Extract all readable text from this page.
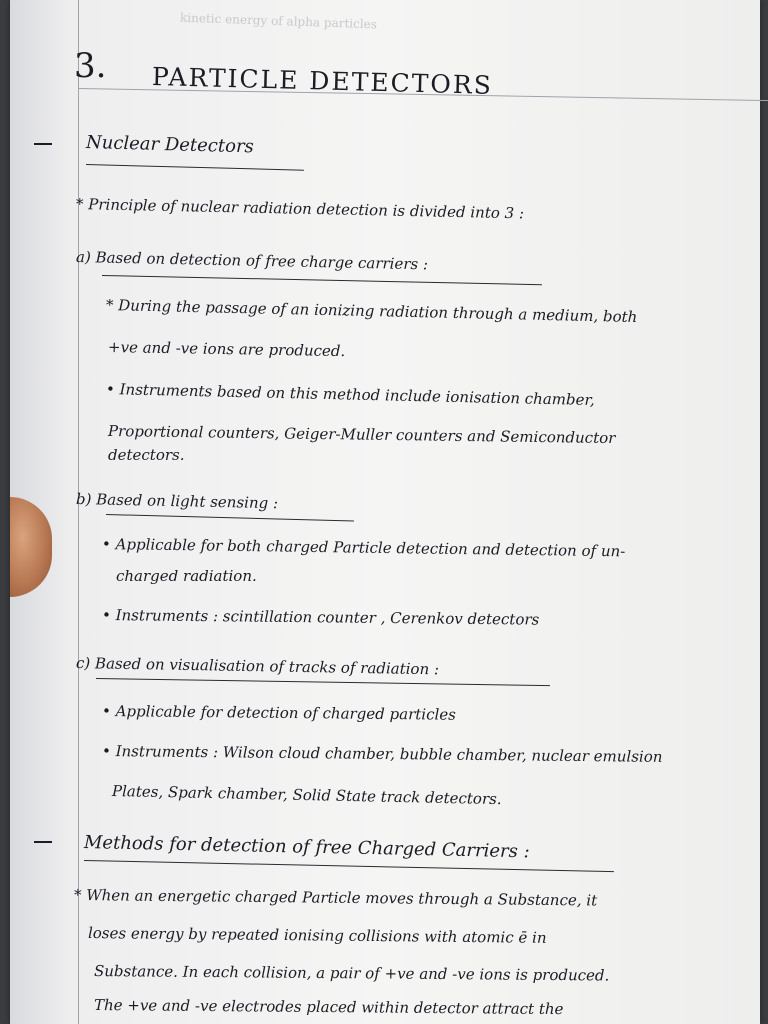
kinetic energy of alpha particles
3. PARTICLE DETECTORS
Nuclear Detectors
* Principle of nuclear radiation detection is divided into 3 :
a) Based on detection of free charge carriers :
* During the passage of an ionizing radiation through a medium, both
+ve and -ve ions are produced.
• Instruments based on this method include ionisation chamber,
Proportional counters, Geiger-Muller counters and Semiconductor
detectors.
b) Based on light sensing :
• Applicable for both charged Particle detection and detection of un-
charged radiation.
• Instruments : scintillation counter , Cerenkov detectors
c) Based on visualisation of tracks of radiation :
• Applicable for detection of charged particles
• Instruments : Wilson cloud chamber, bubble chamber, nuclear emulsion
Plates, Spark chamber, Solid State track detectors.
Methods for detection of free Charged Carriers :
* When an energetic charged Particle moves through a Substance, it
loses energy by repeated ionising collisions with atomic ē in
Substance. In each collision, a pair of +ve and -ve ions is produced.
The +ve and -ve electrodes placed within detector attract the
